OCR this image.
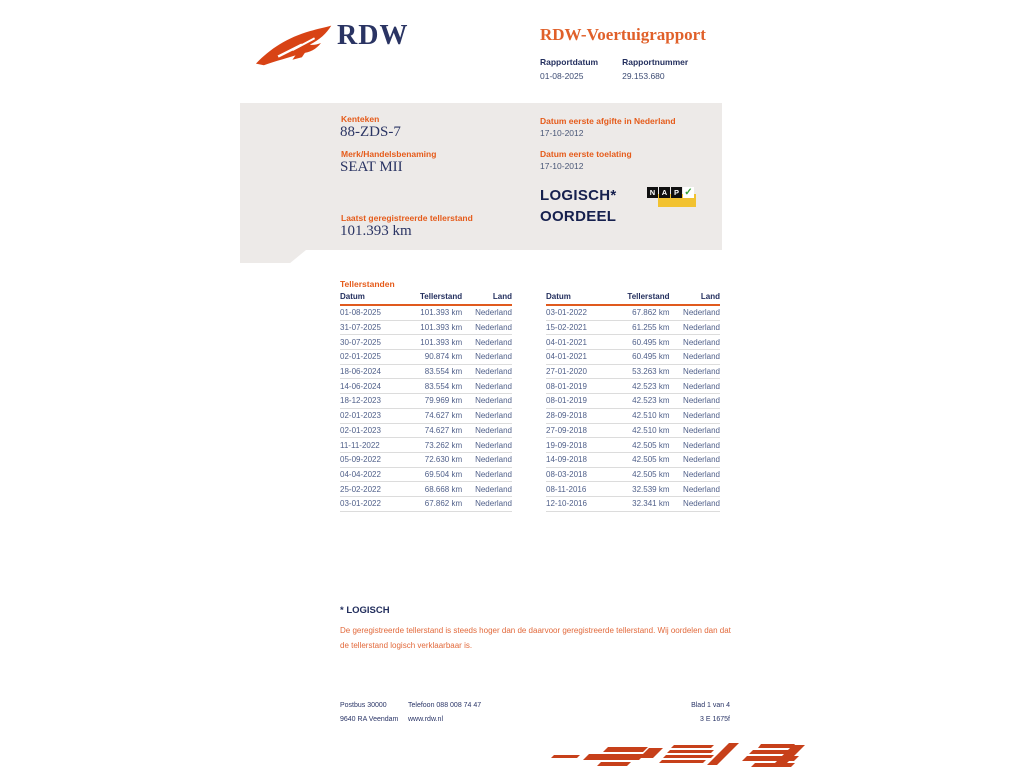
RDW	RDW-Voertuigrapport
Rapportdatum
01-08-2025
Rapportnummer
29.153.680
Kenteken
88-ZDS-7
Merk/Handelsbenaming
SEAT MII
Laatst geregistreerde tellerstand
101.393 km
Datum eerste afgifte in Nederland
17-10-2012
Datum eerste toelating
17-10-2012
LOGISCH*
OORDEEL
N A P ✓
Tellerstanden
Datum	Tellerstand	Land
01-08-2025	101.393 km	Nederland
31-07-2025	101.393 km	Nederland
30-07-2025	101.393 km	Nederland
02-01-2025	90.874 km	Nederland
18-06-2024	83.554 km	Nederland
14-06-2024	83.554 km	Nederland
18-12-2023	79.969 km	Nederland
02-01-2023	74.627 km	Nederland
02-01-2023	74.627 km	Nederland
11-11-2022	73.262 km	Nederland
05-09-2022	72.630 km	Nederland
04-04-2022	69.504 km	Nederland
25-02-2022	68.668 km	Nederland
03-01-2022	67.862 km	Nederland
Datum	Tellerstand	Land
03-01-2022	67.862 km	Nederland
15-02-2021	61.255 km	Nederland
04-01-2021	60.495 km	Nederland
04-01-2021	60.495 km	Nederland
27-01-2020	53.263 km	Nederland
08-01-2019	42.523 km	Nederland
08-01-2019	42.523 km	Nederland
28-09-2018	42.510 km	Nederland
27-09-2018	42.510 km	Nederland
19-09-2018	42.505 km	Nederland
14-09-2018	42.505 km	Nederland
08-03-2018	42.505 km	Nederland
08-11-2016	32.539 km	Nederland
12-10-2016	32.341 km	Nederland
* LOGISCH
De geregistreerde tellerstand is steeds hoger dan de daarvoor geregistreerde tellerstand. Wij oordelen dan dat de tellerstand logisch verklaarbaar is.
Postbus 30000
9640 RA Veendam
Telefoon 088 008 74 47
www.rdw.nl
Blad 1 van 4
3 E 1675f
